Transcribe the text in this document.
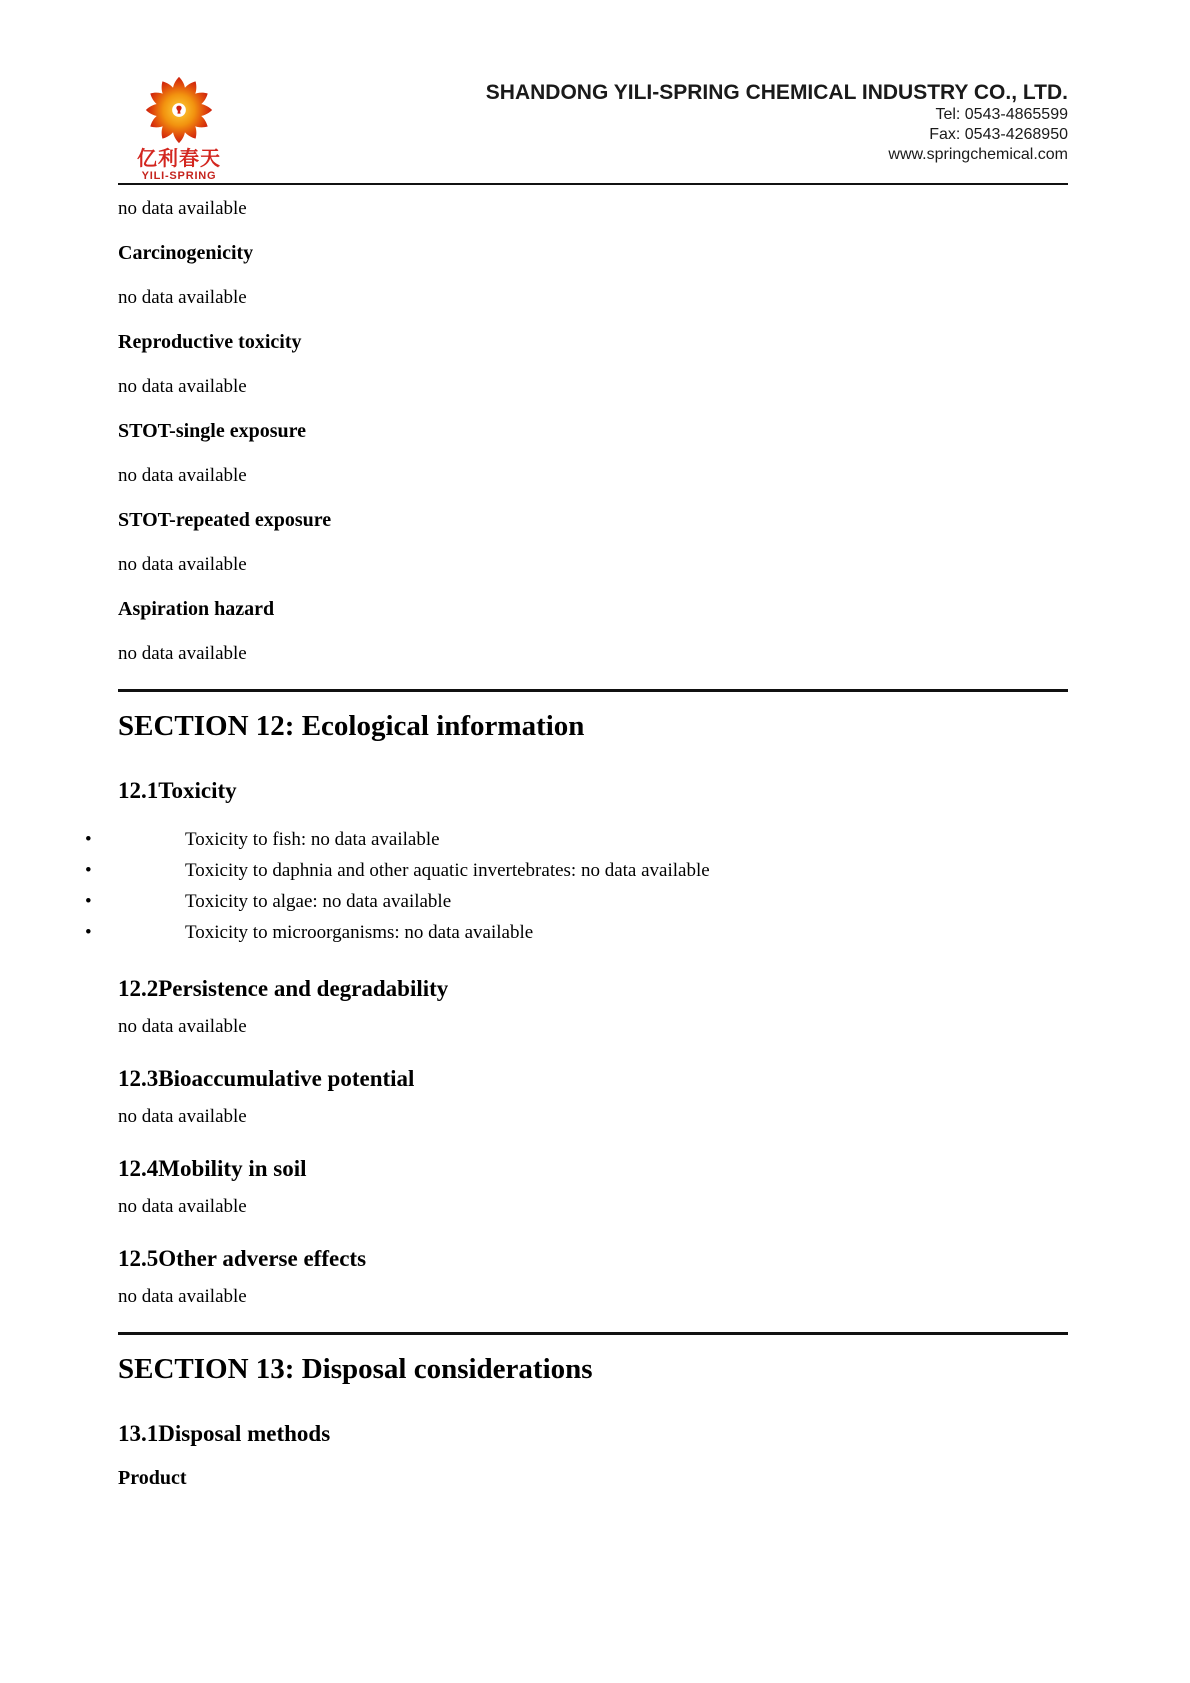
亿利春天
YILI-SPRING
SHANDONG YILI-SPRING CHEMICAL INDUSTRY CO., LTD.
Tel: 0543-4865599
Fax: 0543-4268950
www.springchemical.com

no data available

Carcinogenicity

no data available

Reproductive toxicity

no data available

STOT-single exposure

no data available

STOT-repeated exposure

no data available

Aspiration hazard

no data available

SECTION 12: Ecological information
12.1Toxicity
•	Toxicity to fish: no data available
•	Toxicity to daphnia and other aquatic invertebrates: no data available
•	Toxicity to algae: no data available
•	Toxicity to microorganisms: no data available
12.2Persistence and degradability

no data available

12.3Bioaccumulative potential

no data available

12.4Mobility in soil

no data available

12.5Other adverse effects

no data available

SECTION 13: Disposal considerations
13.1Disposal methods
Product
